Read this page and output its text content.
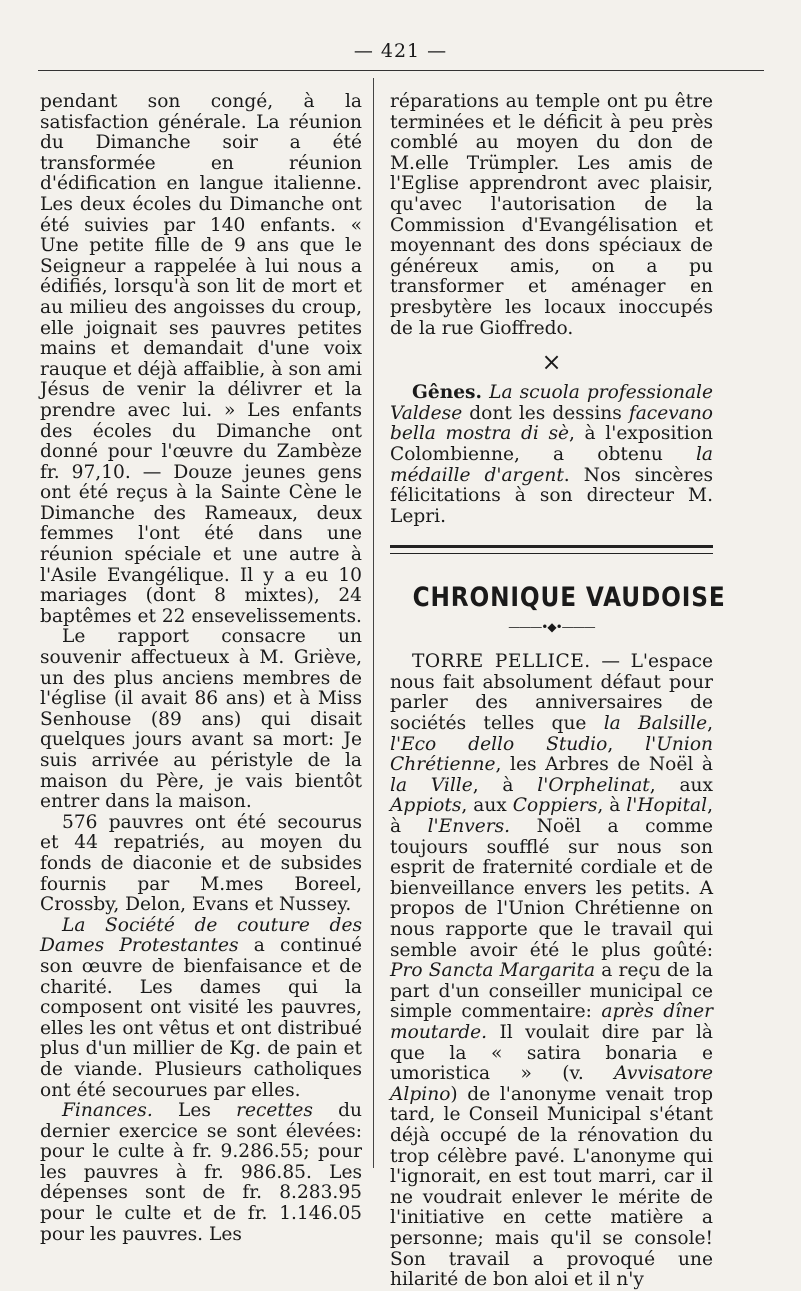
— 421 —

pendant son congé, à la satisfaction générale. La réunion du Dimanche soir a été transformée en réunion d'édification en langue italienne. Les deux écoles du Dimanche ont été suivies par 140 enfants. « Une petite fille de 9 ans que le Seigneur a rappelée à lui nous a édifiés, lorsqu'à son lit de mort et au milieu des angoisses du croup, elle joignait ses pauvres petites mains et demandait d'une voix rauque et déjà affaiblie, à son ami Jésus de venir la délivrer et la prendre avec lui. » Les enfants des écoles du Dimanche ont donné pour l'œuvre du Zambèze fr. 97,10. — Douze jeunes gens ont été reçus à la Sainte Cène le Dimanche des Rameaux, deux femmes l'ont été dans une réunion spéciale et une autre à l'Asile Evangélique. Il y a eu 10 mariages (dont 8 mixtes), 24 baptêmes et 22 ensevelissements.

Le rapport consacre un souvenir affectueux à M. Griève, un des plus anciens membres de l'église (il avait 86 ans) et à Miss Senhouse (89 ans) qui disait quelques jours avant sa mort: Je suis arrivée au péristyle de la maison du Père, je vais bientôt entrer dans la maison.

576 pauvres ont été secourus et 44 repatriés, au moyen du fonds de diaconie et de subsides fournis par M.mes Boreel, Crossby, Delon, Evans et Nussey.

La Société de couture des Dames Protestantes a continué son œuvre de bienfaisance et de charité. Les dames qui la composent ont visité les pauvres, elles les ont vêtus et ont distribué plus d'un millier de Kg. de pain et de viande. Plusieurs catholiques ont été secourues par elles.

Finances. Les recettes du dernier exercice se sont élevées: pour le culte à fr. 9.286.55; pour les pauvres à fr. 986.85. Les dépenses sont de fr. 8.283.95 pour le culte et de fr. 1.146.05 pour les pauvres. Les

réparations au temple ont pu être terminées et le déficit à peu près comblé au moyen du don de M.elle Trümpler. Les amis de l'Eglise apprendront avec plaisir, qu'avec l'autorisation de la Commission d'Evangélisation et moyennant des dons spéciaux de généreux amis, on a pu transformer et aménager en presbytère les locaux inoccupés de la rue Gioffredo.

×

Gênes. La scuola professionale Valdese dont les dessins facevano bella mostra di sè, à l'exposition Colombienne, a obtenu la médaille d'argent. Nos sincères félicitations à son directeur M. Lepri.

CHRONIQUE VAUDOISE
———•◆•———

TORRE PELLICE. — L'espace nous fait absolument défaut pour parler des anniversaires de sociétés telles que la Balsille, l'Eco dello Studio, l'Union Chrétienne, les Arbres de Noël à la Ville, à l'Orphelinat, aux Appiots, aux Coppiers, à l'Hopital, à l'Envers. Noël a comme toujours soufflé sur nous son esprit de fraternité cordiale et de bienveillance envers les petits. A propos de l'Union Chrétienne on nous rapporte que le travail qui semble avoir été le plus goûté: Pro Sancta Margarita a reçu de la part d'un conseiller municipal ce simple commentaire: après dîner moutarde. Il voulait dire par là que la « satira bonaria e umoristica » (v. Avvisatore Alpino) de l'anonyme venait trop tard, le Conseil Municipal s'étant déjà occupé de la rénovation du trop célèbre pavé. L'anonyme qui l'ignorait, en est tout marri, car il ne voudrait enlever le mérite de l'initiative en cette matière a personne; mais qu'il se console! Son travail a provoqué une hilarité de bon aloi et il n'y
